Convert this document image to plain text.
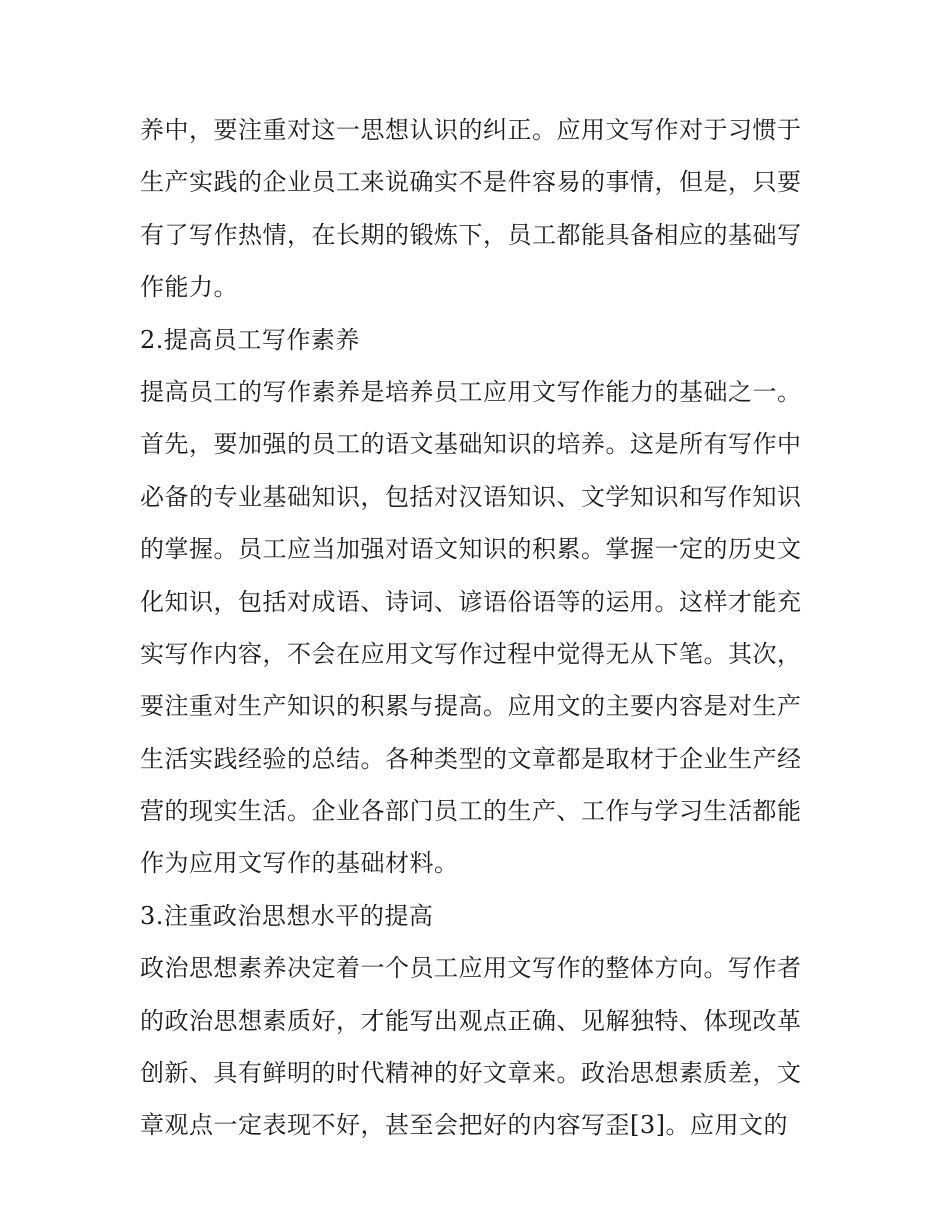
养中，要注重对这一思想认识的纠正。应用文写作对于习惯于
生产实践的企业员工来说确实不是件容易的事情，但是，只要
有了写作热情，在长期的锻炼下，员工都能具备相应的基础写
作能力。
2.提高员工写作素养
提高员工的写作素养是培养员工应用文写作能力的基础之一。
首先，要加强的员工的语文基础知识的培养。这是所有写作中
必备的专业基础知识，包括对汉语知识、文学知识和写作知识
的掌握。员工应当加强对语文知识的积累。掌握一定的历史文
化知识，包括对成语、诗词、谚语俗语等的运用。这样才能充
实写作内容，不会在应用文写作过程中觉得无从下笔。其次，
要注重对生产知识的积累与提高。应用文的主要内容是对生产
生活实践经验的总结。各种类型的文章都是取材于企业生产经
营的现实生活。企业各部门员工的生产、工作与学习生活都能
作为应用文写作的基础材料。
3.注重政治思想水平的提高
政治思想素养决定着一个员工应用文写作的整体方向。写作者
的政治思想素质好，才能写出观点正确、见解独特、体现改革
创新、具有鲜明的时代精神的好文章来。政治思想素质差，文
章观点一定表现不好，甚至会把好的内容写歪[3]。应用文的
